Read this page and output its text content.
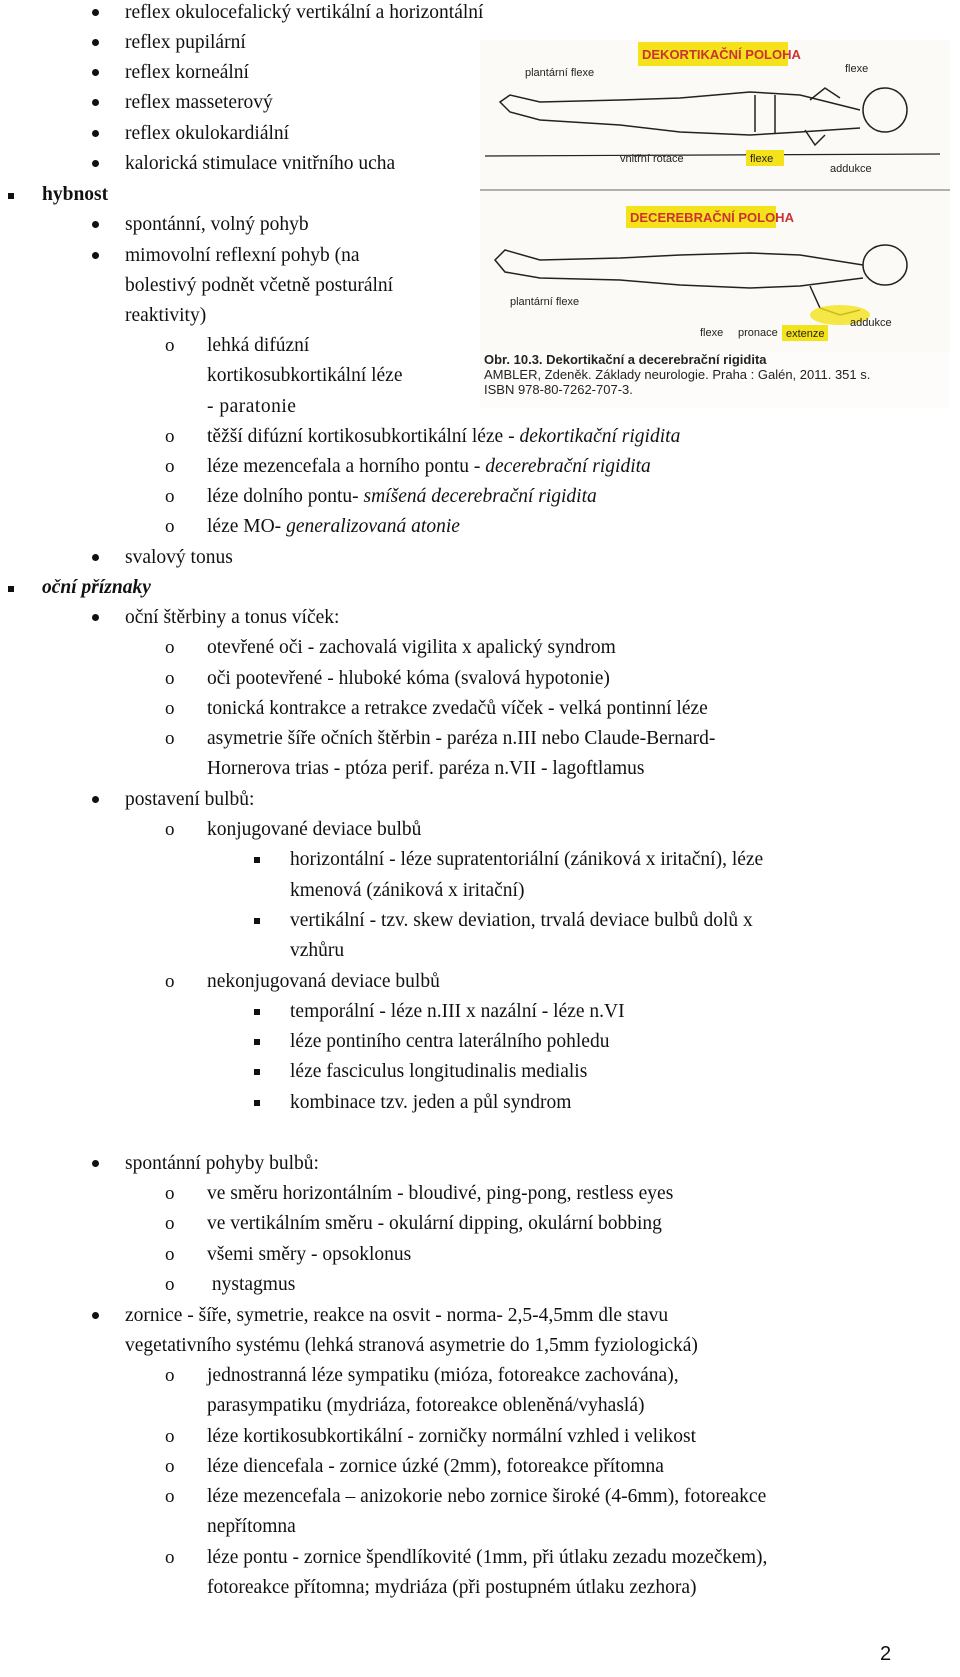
reflex okulocefalický vertikální a horizontální
reflex pupilární
reflex korneální
reflex masseterový
reflex okulokardiální
kalorická stimulace vnitřního ucha
hybnost
spontánní, volný pohyb
mimovolní reflexní pohyb (na
bolestivý podnět včetně posturální
reaktivity)
o lehká difúzní
kortikosubkortikální léze
- paratonie
o těžší difúzní kortikosubkortikální léze - dekortikační rigidita
o léze mezencefala a horního pontu - decerebrační rigidita
o léze dolního pontu- smíšená decerebrační rigidita
o léze MO- generalizovaná atonie
svalový tonus
oční příznaky
oční štěrbiny a tonus víček:
o otevřené oči - zachovalá vigilita x apalický syndrom
o oči pootevřené - hluboké kóma (svalová hypotonie)
o tonická kontrakce a retrakce zvedačů víček - velká pontinní léze
o asymetrie šíře očních štěrbin - paréza n.III nebo Claude-Bernard-
Hornerova trias - ptóza perif. paréza n.VII - lagoftlamus
postavení bulbů:
o konjugované deviace bulbů
horizontální - léze supratentoriální (zániková x iritační), léze
kmenová (zániková x iritační)
vertikální - tzv. skew deviation, trvalá deviace bulbů dolů x
vzhůru
o nekonjugovaná deviace bulbů
temporální - léze n.III x nazální - léze n.VI
léze pontiního centra laterálního pohledu
léze fasciculus longitudinalis medialis
kombinace tzv. jeden a půl syndrom
spontánní pohyby bulbů:
o ve směru horizontálním - bloudivé, ping-pong, restless eyes
o ve vertikálním směru - okulární dipping, okulární bobbing
o všemi směry - opsoklonus
o nystagmus
zornice - šíře, symetrie, reakce na osvit - norma- 2,5-4,5mm dle stavu
vegetativního systému (lehká stranová asymetrie do 1,5mm fyziologická)
o jednostranná léze sympatiku (mióza, fotoreakce zachována),
parasympatiku (mydriáza, fotoreakce obleněná/vyhaslá)
o léze kortikosubkortikální - zorničky normální vzhled i velikost
o léze diencefala - zornice úzké (2mm), fotoreakce přítomna
o léze mezencefala – anizokorie nebo zornice široké (4-6mm), fotoreakce
nepřítomna
o léze pontu - zornice špendlíkovité (1mm, při útlaku zezadu mozečkem),
fotoreakce přítomna; mydriáza (při postupném útlaku zezhora)
DEKORTIKAČNÍ POLOHA
plantární flexe	flexe
vnitřní rotace	flexe
addukce
DECEREBRAČNÍ POLOHA
plantární flexe
flexe pronace extenze
addukce
Obr. 10.3. Dekortikační a decerebrační rigidita
AMBLER, Zdeněk. Základy neurologie. Praha : Galén, 2011. 351 s.
ISBN 978-80-7262-707-3.
2
